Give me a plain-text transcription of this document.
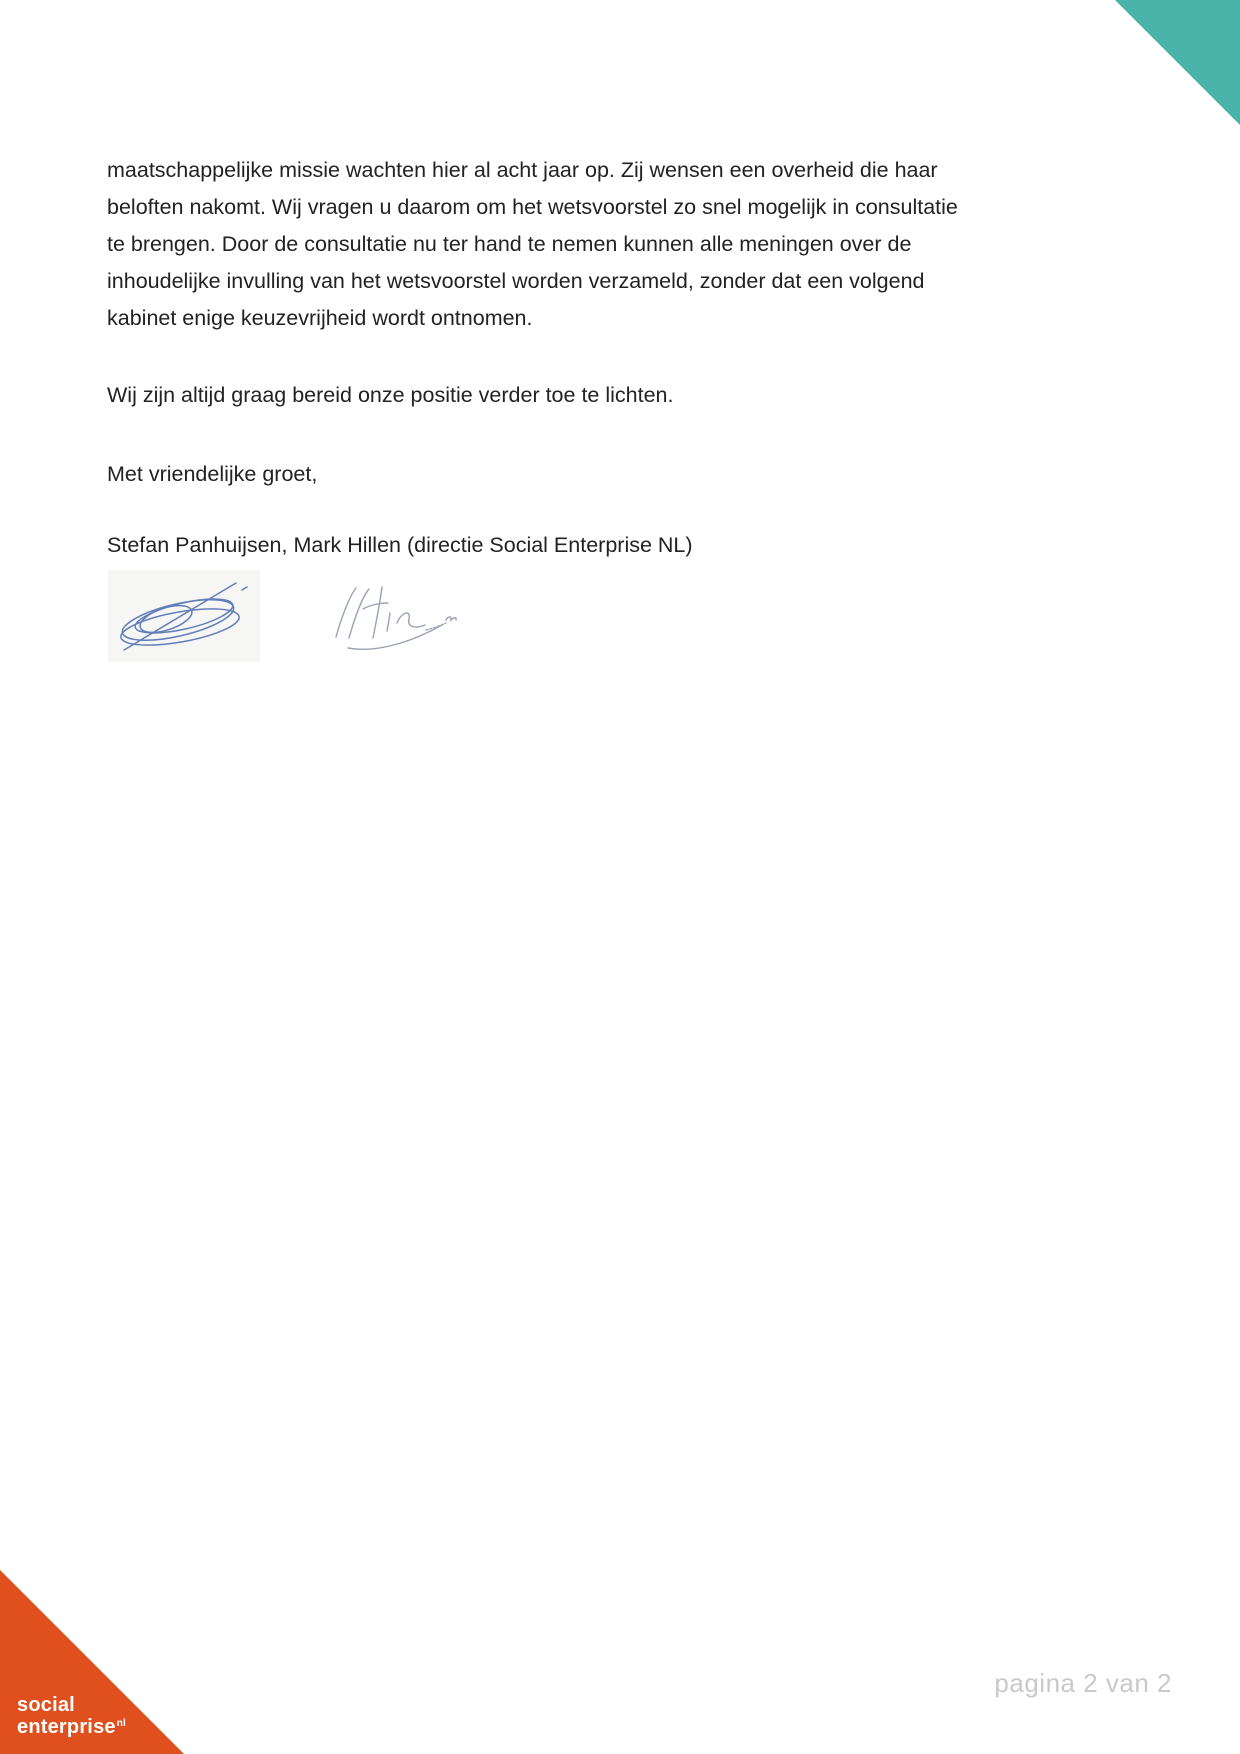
maatschappelijke missie wachten hier al acht jaar op. Zij wensen een overheid die haar
beloften nakomt. Wij vragen u daarom om het wetsvoorstel zo snel mogelijk in consultatie
te brengen. Door de consultatie nu ter hand te nemen kunnen alle meningen over de
inhoudelijke invulling van het wetsvoorstel worden verzameld, zonder dat een volgend
kabinet enige keuzevrijheid wordt ontnomen.
Wij zijn altijd graag bereid onze positie verder toe te lichten.
Met vriendelijke groet,
Stefan Panhuijsen, Mark Hillen (directie Social Enterprise NL)
pagina 2 van 2
social
enterprise$^{nl}$
